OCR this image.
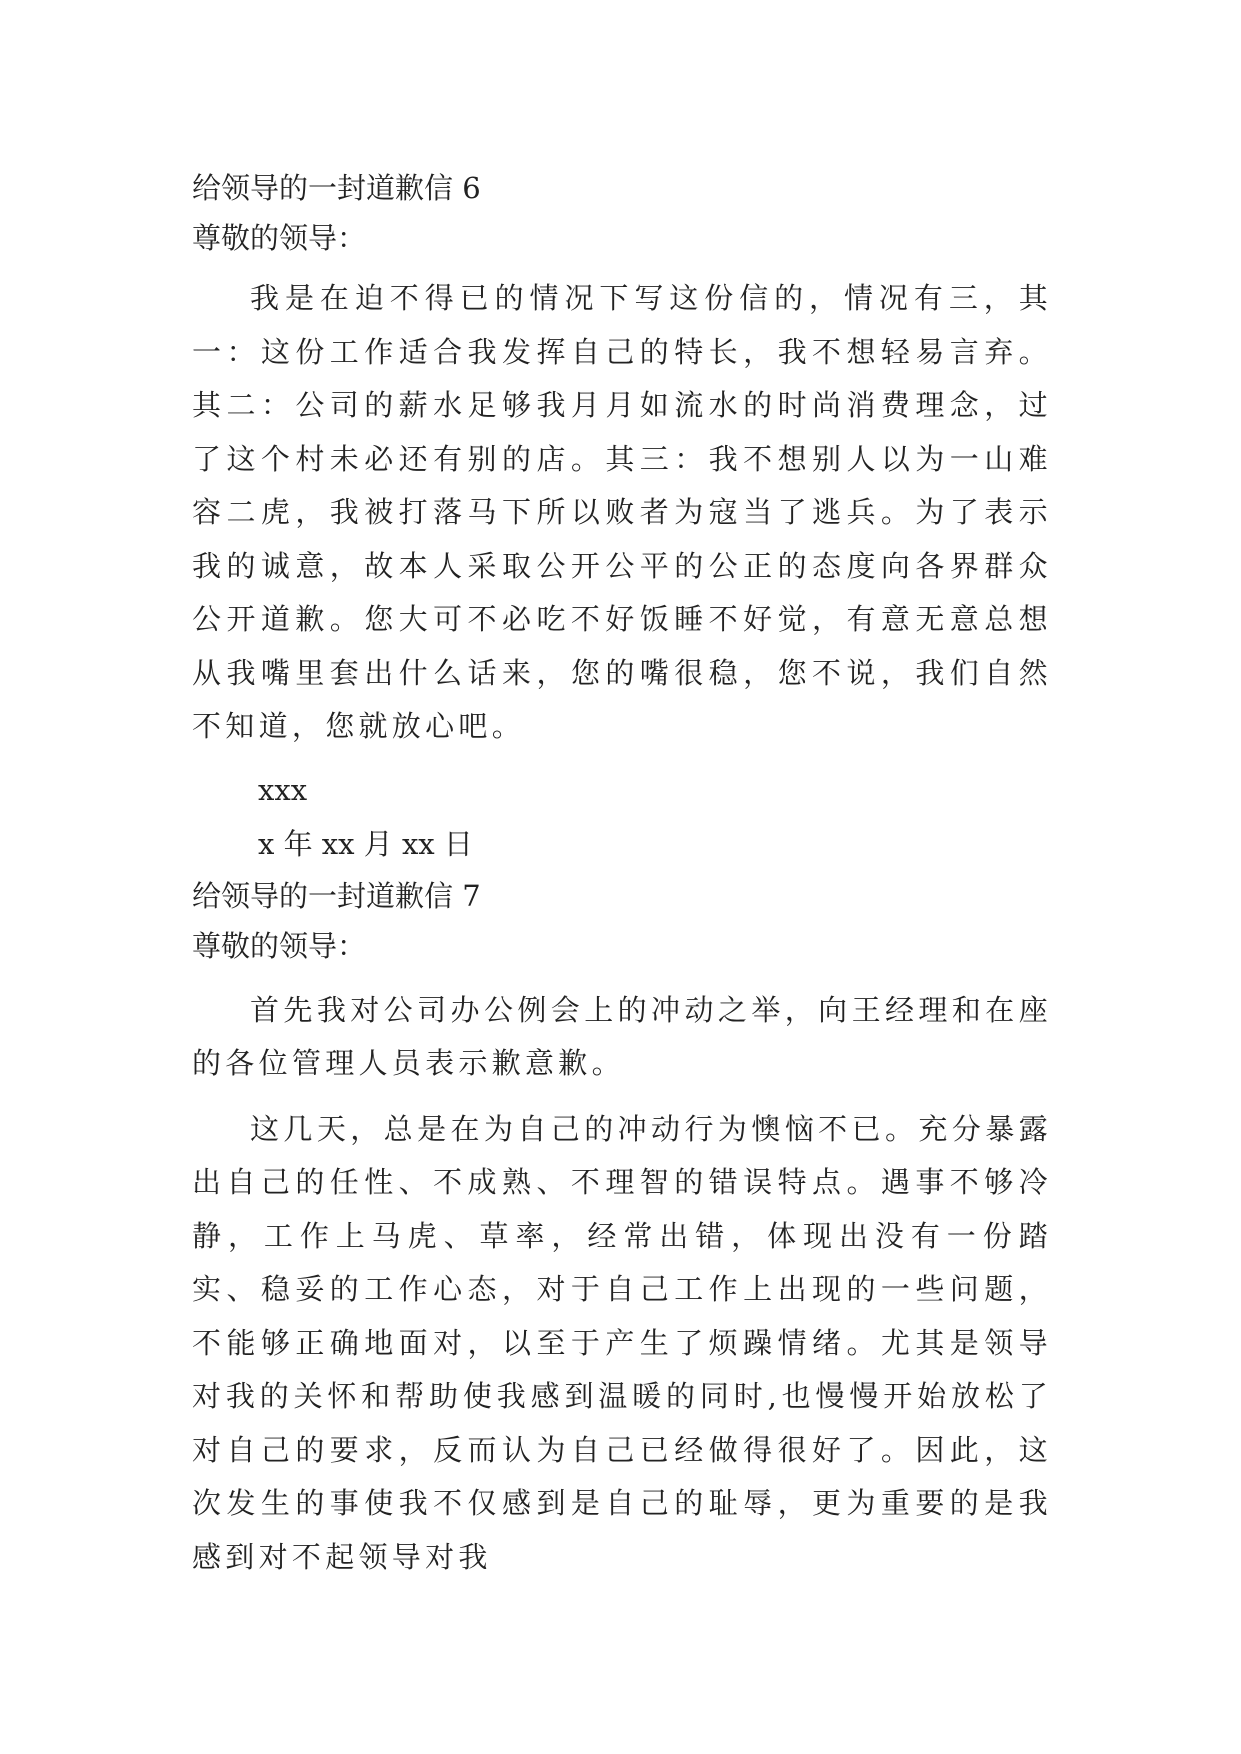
给领导的一封道歉信 6

尊敬的领导：

我是在迫不得已的情况下写这份信的，情况有三，其一：这份工作适合我发挥自己的特长，我不想轻易言弃。其二：公司的薪水足够我月月如流水的时尚消费理念，过了这个村未必还有别的店。其三：我不想别人以为一山难容二虎，我被打落马下所以败者为寇当了逃兵。为了表示我的诚意，故本人采取公开公平的公正的态度向各界群众公开道歉。您大可不必吃不好饭睡不好觉，有意无意总想从我嘴里套出什么话来，您的嘴很稳，您不说，我们自然不知道，您就放心吧。

xxx

x 年 xx 月 xx 日

给领导的一封道歉信 7

尊敬的领导：

首先我对公司办公例会上的冲动之举，向王经理和在座的各位管理人员表示歉意歉。

这几天，总是在为自己的冲动行为懊恼不已。充分暴露出自己的任性、不成熟、不理智的错误特点。遇事不够冷静，工作上马虎、草率，经常出错，体现出没有一份踏实、稳妥的工作心态，对于自己工作上出现的一些问题，不能够正确地面对，以至于产生了烦躁情绪。尤其是领导对我的关怀和帮助使我感到温暖的同时,也慢慢开始放松了对自己的要求，反而认为自己已经做得很好了。因此，这次发生的事使我不仅感到是自己的耻辱，更为重要的是我感到对不起领导对我
